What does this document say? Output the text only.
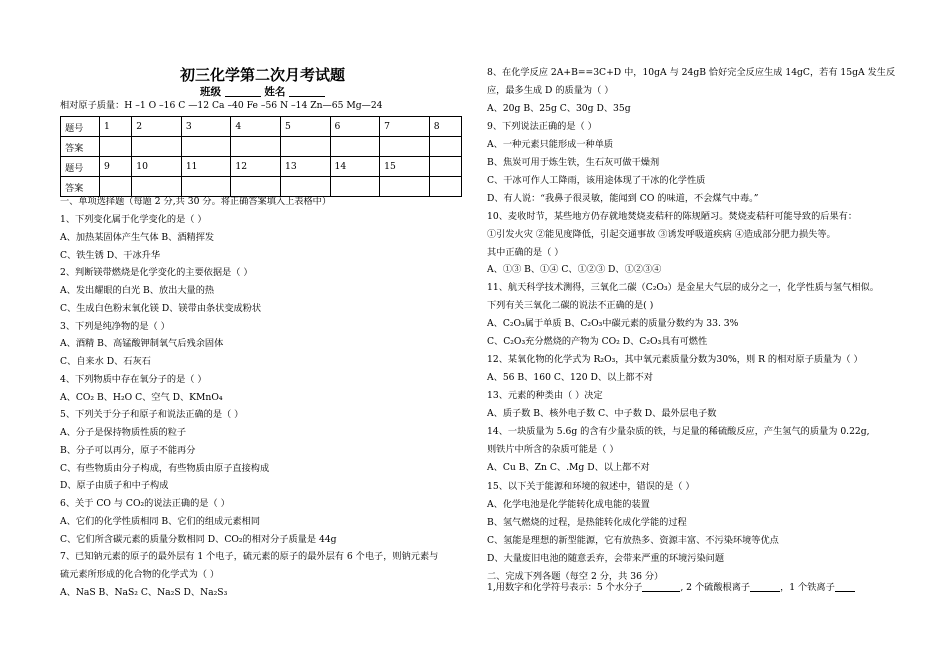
初三化学第二次月考试题
班级	姓名
相对原子质量：H –1 O –16 C —12 Ca –40 Fe –56 N –14 Zn—65 Mg—24
题号	1	2	3	4	5	6	7	8
答案								
题号	9	10	11	12	13	14	15	
答案								
一、单项选择题（每题 2 分,共 30 分。将正确答案填入上表格中）
1、下列变化属于化学变化的是（ ）
A、加热某固体产生气体 B、酒精挥发
C、铁生锈 D、干冰升华
2、判断镁带燃烧是化学变化的主要依据是（ ）
A、发出耀眼的白光 B、放出大量的热
C、生成白色粉末氧化镁 D、镁带由条状变成粉状
3、下列是纯净物的是（ ）
A、酒精 B、高锰酸钾制氧气后残余固体
C、自来水 D、石灰石
4、下列物质中存在氧分子的是（ ）
A、CO₂ B、H₂O C、空气 D、KMnO₄
5、下列关于分子和原子和说法正确的是（ ）
A、分子是保持物质性质的粒子
B、分子可以再分，原子不能再分
C、有些物质由分子构成，有些物质由原子直接构成
D、原子由质子和中子构成
6、关于 CO 与 CO₂的说法正确的是（ ）
A、它们的化学性质相同 B、它们的组成元素相同
C、它们所含碳元素的质量分数相同 D、CO₂的相对分子质量是 44g
7、已知钠元素的原子的最外层有 1 个电子，硫元素的原子的最外层有 6 个电子，则钠元素与
硫元素所形成的化合物的化学式为（ ）
A、NaS B、NaS₂ C、Na₂S D、Na₂S₃
8、在化学反应 2A+B==3C+D 中，10gA 与 24gB 恰好完全反应生成 14gC，若有 15gA 发生反
应，最多生成 D 的质量为（ ）
A、20g B、25g C、30g D、35g
9、下列说法正确的是（ ）
A、一种元素只能形成一种单质
B、焦炭可用于炼生铁，生石灰可做干燥剂
C、干冰可作人工降雨，该用途体现了干冰的化学性质
D、有人说：“我鼻子很灵敏，能闻到 CO 的味道，不会煤气中毒。”
10、麦收时节，某些地方仍存就地焚烧麦秸秆的陈规陋习。焚烧麦秸秆可能导致的后果有：
①引发火灾 ②能见度降低，引起交通事故 ③诱发呼吸道疾病 ④造成部分肥力损失等。
其中正确的是（ ）
A、①③ B、①④ C、①②③ D、①②③④
11、航天科学技术测得，三氧化二碳（C₂O₃）是金星大气层的成分之一，化学性质与氢气相似。
下列有关三氧化二碳的说法不正确的是( )
A、C₂O₃属于单质 B、C₂O₃中碳元素的质量分数约为 33. 3%
C、C₂O₃充分燃烧的产物为 CO₂ D、C₂O₃具有可燃性
12、某氧化物的化学式为 R₂O₃，其中氧元素质量分数为30%，则 R 的相对原子质量为（ ）
A、56 B、160 C、120 D、以上都不对
13、元素的种类由（ ）决定
A、质子数 B、核外电子数 C、中子数 D、最外层电子数
14、一块质量为 5.6g 的含有少量杂质的铁，与足量的稀硫酸反应，产生氢气的质量为 0.22g,
则铁片中所含的杂质可能是（ ）
A、Cu B、Zn C、.Mg D、以上都不对
15、以下关于能源和环境的叙述中，错误的是（ ）
A、化学电池是化学能转化成电能的装置
B、氢气燃烧的过程，是热能转化成化学能的过程
C、氢能是理想的新型能源，它有放热多、资源丰富、不污染环境等优点
D、大量废旧电池的随意丢弃，会带来严重的环境污染问题
二、完成下列各题（每空 2 分，共 36 分）
1,用数字和化学符号表示：5 个水分子	, 2 个硫酸根离子	，1 个铁离子
